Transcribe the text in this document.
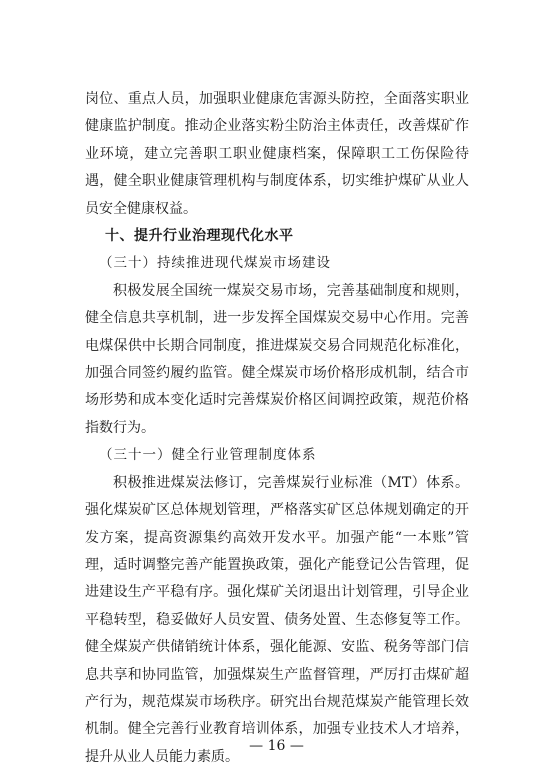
岗位、重点人员，加强职业健康危害源头防控，全面落实职业健康监护制度。推动企业落实粉尘防治主体责任，改善煤矿作业环境，建立完善职工职业健康档案，保障职工工伤保险待遇，健全职业健康管理机构与制度体系，切实维护煤矿从业人员安全健康权益。

十、提升行业治理现代化水平

（三十）持续推进现代煤炭市场建设

积极发展全国统一煤炭交易市场，完善基础制度和规则，健全信息共享机制，进一步发挥全国煤炭交易中心作用。完善电煤保供中长期合同制度，推进煤炭交易合同规范化标准化，加强合同签约履约监管。健全煤炭市场价格形成机制，结合市场形势和成本变化适时完善煤炭价格区间调控政策，规范价格指数行为。

（三十一）健全行业管理制度体系

积极推进煤炭法修订，完善煤炭行业标准（MT）体系。强化煤炭矿区总体规划管理，严格落实矿区总体规划确定的开发方案，提高资源集约高效开发水平。加强产能“一本账”管理，适时调整完善产能置换政策，强化产能登记公告管理，促进建设生产平稳有序。强化煤矿关闭退出计划管理，引导企业平稳转型，稳妥做好人员安置、债务处置、生态修复等工作。健全煤炭产供储销统计体系，强化能源、安监、税务等部门信息共享和协同监管，加强煤炭生产监督管理，严厉打击煤矿超产行为，规范煤炭市场秩序。研究出台规范煤炭产能管理长效机制。健全完善行业教育培训体系，加强专业技术人才培养，提升从业人员能力素质。

— 16 —
